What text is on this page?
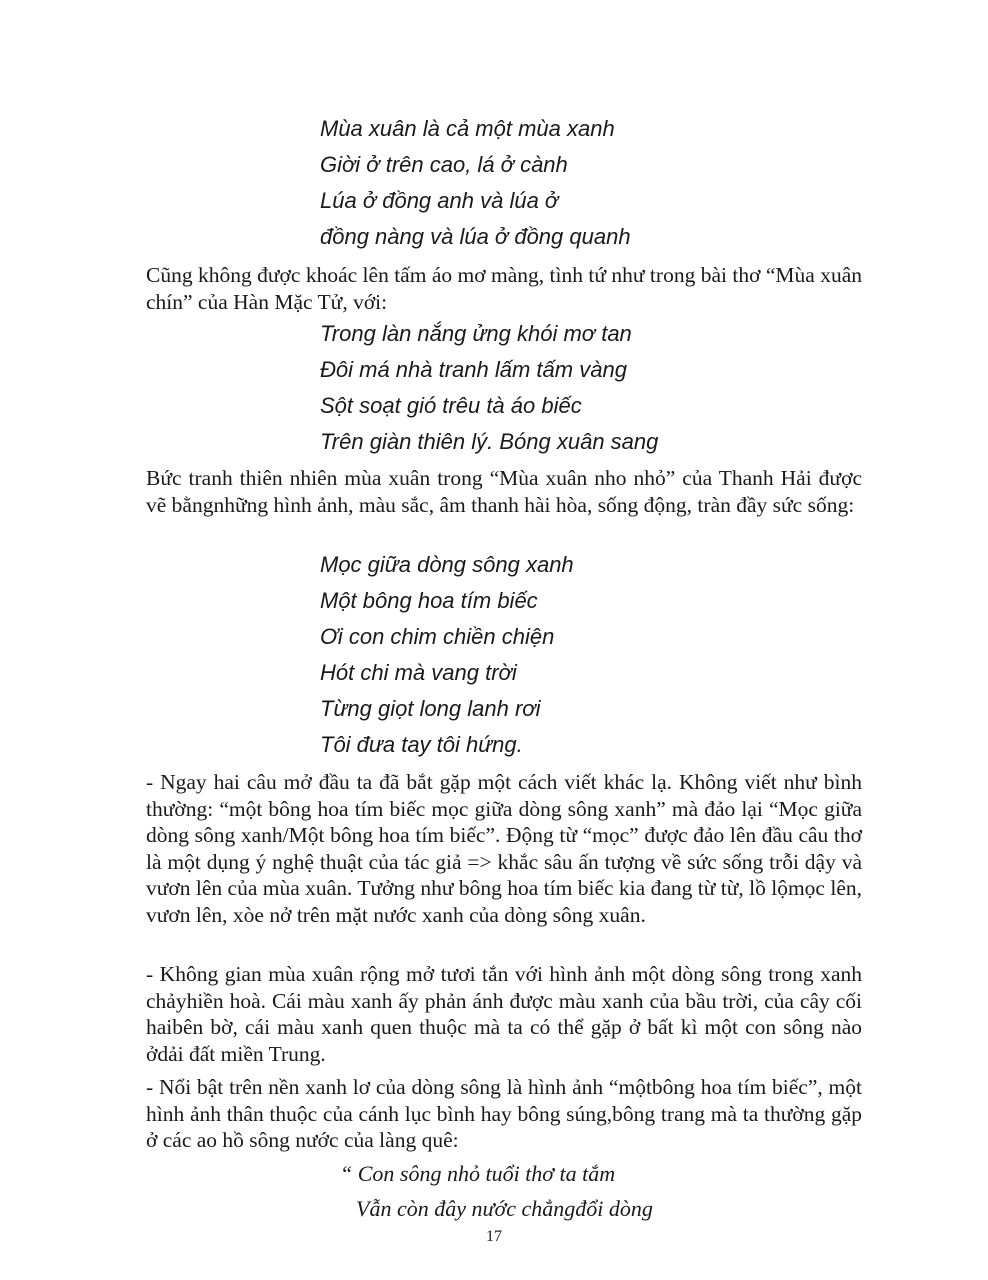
Mùa xuân là cả một mùa xanh

Giời ở trên cao, lá ở cành

Lúa ở đồng anh và lúa ở

đồng nàng và lúa ở đồng quanh

Cũng không được khoác lên tấm áo mơ màng, tình tứ như trong bài thơ “Mùa xuân chín” của Hàn Mặc Tử, với:

Trong làn nắng ửng khói mơ tan

Đôi má nhà tranh lấm tấm vàng

Sột soạt gió trêu tà áo biếc

Trên giàn thiên lý. Bóng xuân sang

Bức tranh thiên nhiên mùa xuân trong “Mùa xuân nho nhỏ” của Thanh Hải được vẽ bằngnhững hình ảnh, màu sắc, âm thanh hài hòa, sống động, tràn đầy sức sống:

Mọc giữa dòng sông xanh

Một bông hoa tím biếc

Ơi con chim chiền chiện

Hót chi mà vang trời

Từng giọt long lanh rơi

Tôi đưa tay tôi hứng.

- Ngay hai câu mở đầu ta đã bắt gặp một cách viết khác lạ. Không viết như bình thường: “một bông hoa tím biếc mọc giữa dòng sông xanh” mà đảo lại “Mọc giữa dòng sông xanh/Một bông hoa tím biếc”. Động từ “mọc” được đảo lên đầu câu thơ là một dụng ý nghệ thuật của tác giả => khắc sâu ấn tượng về sức sống trỗi dậy và vươn lên của mùa xuân. Tưởng như bông hoa tím biếc kia đang từ từ, lồ lộmọc lên, vươn lên, xòe nở trên mặt nước xanh của dòng sông xuân.

- Không gian mùa xuân rộng mở tươi tắn với hình ảnh một dòng sông trong xanh chảyhiền hoà. Cái màu xanh ấy phản ánh được màu xanh của bầu trời, của cây cối haibên bờ, cái màu xanh quen thuộc mà ta có thể gặp ở bất kì một con sông nào ởdải đất miền Trung.

- Nổi bật trên nền xanh lơ của dòng sông là hình ảnh “mộtbông hoa tím biếc”, một hình ảnh thân thuộc của cánh lục bình hay bông súng,bông trang mà ta thường gặp ở các ao hồ sông nước của làng quê:

“ Con sông nhỏ tuổi thơ ta tắm

Vẫn còn đây nước chẳngđổi dòng

17
